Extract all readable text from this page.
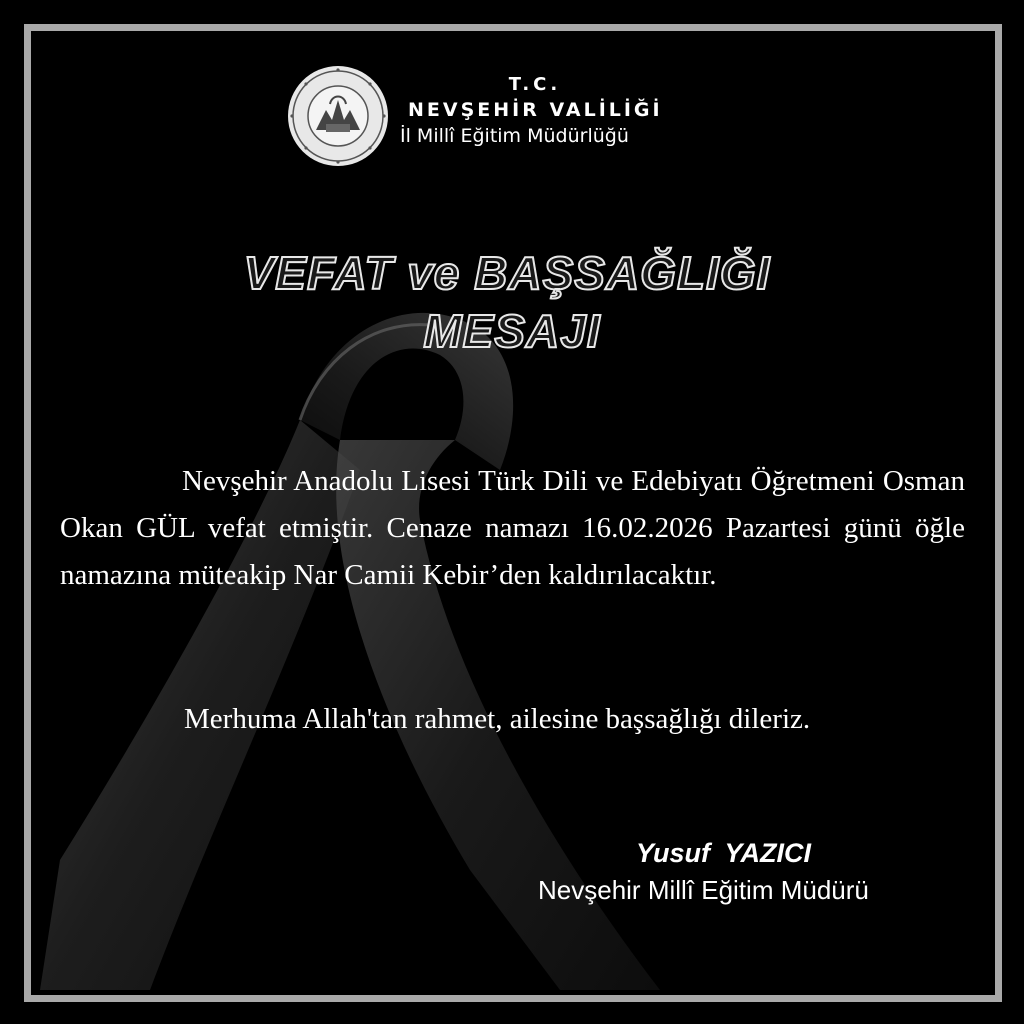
T.C.
NEVŞEHİR VALİLİĞİ
İl Millî Eğitim Müdürlüğü
VEFAT ve BAŞSAĞLIĞI
MESAJI
Nevşehir Anadolu Lisesi Türk Dili ve Edebiyatı Öğretmeni Osman Okan GÜL vefat etmiştir. Cenaze namazı 16.02.2026 Pazartesi günü öğle namazına müteakip Nar Camii Kebir’den kaldırılacaktır.
Merhuma Allah'tan rahmet, ailesine başsağlığı dileriz.
Yusuf  YAZICI
Nevşehir Millî Eğitim Müdürü
